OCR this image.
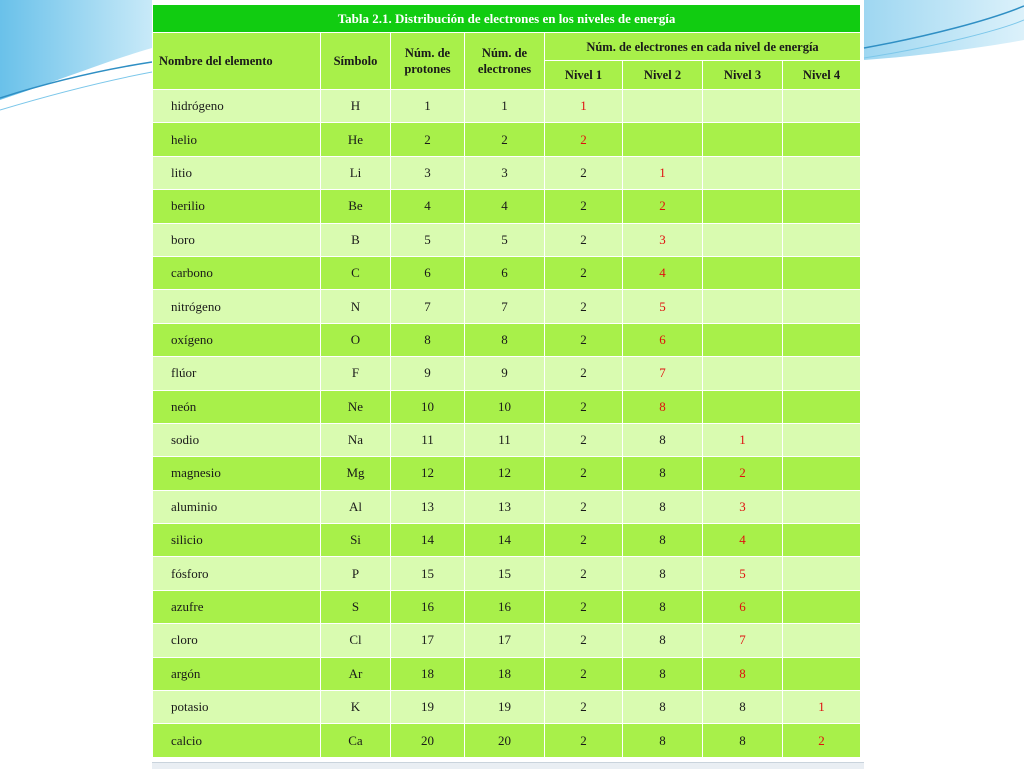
Tabla 2.1. Distribución de electrones en los niveles de energía							
Nombre del elemento	Símbolo	Núm. de protones	Núm. de electrones	Núm. de electrones en cada nivel de energía			
				Nivel 1	Nivel 2	Nivel 3	Nivel 4
hidrógeno	H	1	1	1			
helio	He	2	2	2			
litio	Li	3	3	2	1		
berilio	Be	4	4	2	2		
boro	B	5	5	2	3		
carbono	C	6	6	2	4		
nitrógeno	N	7	7	2	5		
oxígeno	O	8	8	2	6		
flúor	F	9	9	2	7		
neón	Ne	10	10	2	8		
sodio	Na	11	11	2	8	1	
magnesio	Mg	12	12	2	8	2	
aluminio	Al	13	13	2	8	3	
silicio	Si	14	14	2	8	4	
fósforo	P	15	15	2	8	5	
azufre	S	16	16	2	8	6	
cloro	Cl	17	17	2	8	7	
argón	Ar	18	18	2	8	8	
potasio	K	19	19	2	8	8	1
calcio	Ca	20	20	2	8	8	2
